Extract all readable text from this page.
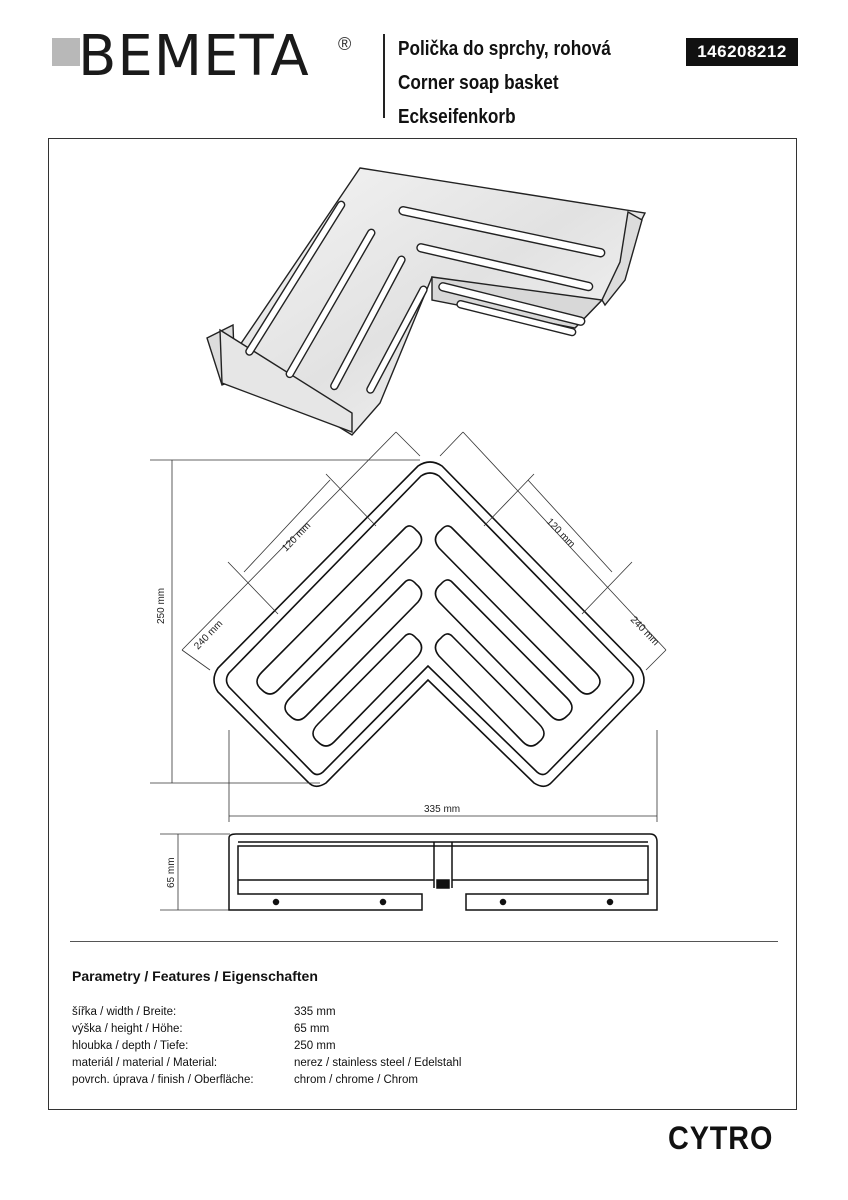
BEMETA ® Polička do sprchy, rohová
Corner soap basket
Eckseifenkorb
146208212
250 mm
120 mm	120 mm
240 mm	240 mm
335 mm
65 mm
Parametry / Features / Eigenschaften
šířka / width / Breite:	335 mm
výška / height / Höhe:	65 mm
hloubka / depth / Tiefe:	250 mm
materiál / material / Material:	nerez / stainless steel / Edelstahl
povrch. úprava / finish / Oberfläche:	chrom / chrome / Chrom
CYTRO
